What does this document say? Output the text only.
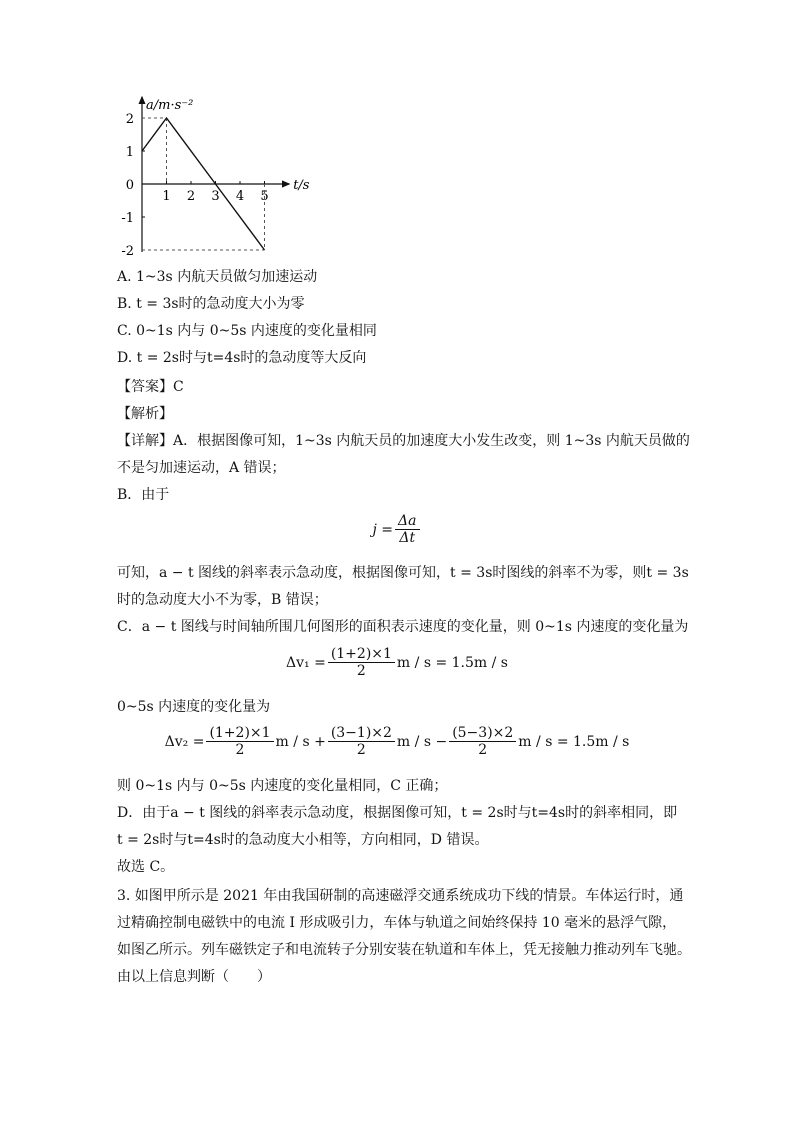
a/m·s⁻²
t/s
2
1
0
-1
-2
1 2 3 4 5
A. 1~3s 内航天员做匀加速运动
B. t = 3s时的急动度大小为零
C. 0~1s 内与 0~5s 内速度的变化量相同
D. t = 2s时与t=4s时的急动度等大反向
【答案】C
【解析】
【详解】A．根据图像可知，1~3s 内航天员的加速度大小发生改变，则 1~3s 内航天员做的
不是匀加速运动，A 错误；
B．由于
$j = \frac{\Delta a}{\Delta t}$
可知，a − t 图线的斜率表示急动度，根据图像可知，t = 3s时图线的斜率不为零，则t = 3s
时的急动度大小不为零，B 错误；
C．a − t 图线与时间轴所围几何图形的面积表示速度的变化量，则 0~1s 内速度的变化量为
$\Delta v_1 = \frac{(1+2)\times 1}{2}$ m / s = 1.5m / s
0~5s 内速度的变化量为
$\Delta v_2 = \frac{(1+2)\times 1}{2}$ $m / s + \frac{(3-1)\times 2}{2}$ $m / s - \frac{(5-3)\times 2}{2}$ m / s = 1.5m / s
则 0~1s 内与 0~5s 内速度的变化量相同，C 正确；
D．由于a − t 图线的斜率表示急动度，根据图像可知，t = 2s时与t=4s时的斜率相同，即
t = 2s时与t=4s时的急动度大小相等，方向相同，D 错误。
故选 C。
3. 如图甲所示是 2021 年由我国研制的高速磁浮交通系统成功下线的情景。车体运行时，通
过精确控制电磁铁中的电流 I 形成吸引力，车体与轨道之间始终保持 10 毫米的悬浮气隙，
如图乙所示。列车磁铁定子和电流转子分别安装在轨道和车体上，凭无接触力推动列车飞驰。
由以上信息判断（　　）
